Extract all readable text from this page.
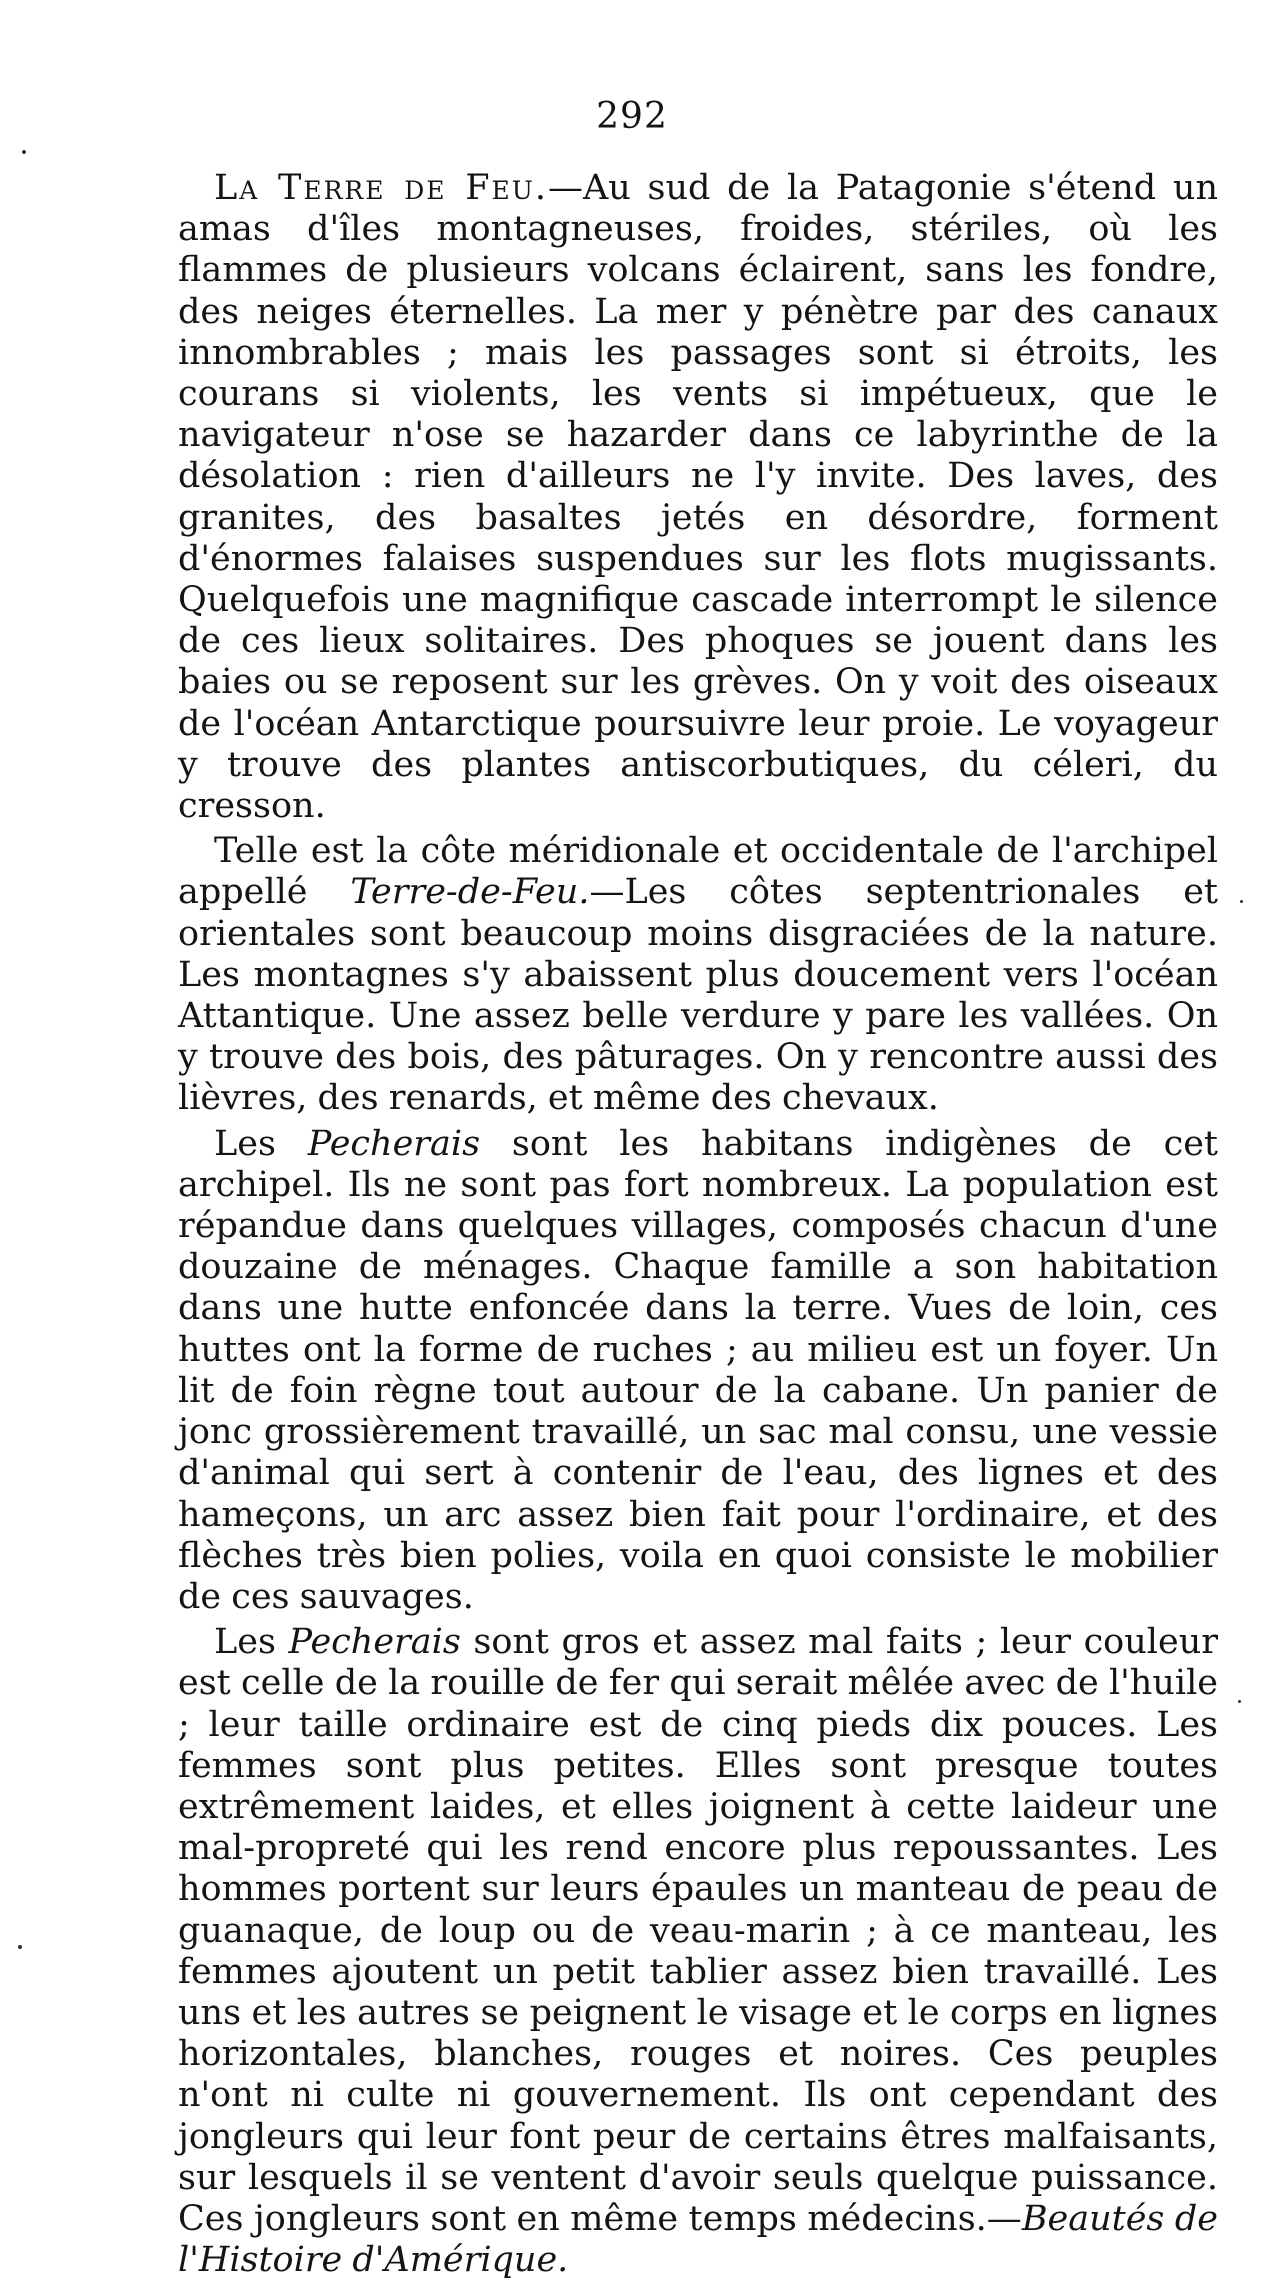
292

La Terre de Feu.—Au sud de la Patagonie s'étend un amas d'îles montagneuses, froides, stériles, où les flammes de plusieurs volcans éclairent, sans les fondre, des neiges éternelles. La mer y pénètre par des canaux innombrables ; mais les passages sont si étroits, les courans si violents, les vents si impétueux, que le navigateur n'ose se hazarder dans ce labyrinthe de la désolation : rien d'ailleurs ne l'y invite. Des laves, des granites, des basaltes jetés en désordre, forment d'énormes falaises suspendues sur les flots mugissants. Quelquefois une magnifique cascade interrompt le silence de ces lieux solitaires. Des phoques se jouent dans les baies ou se reposent sur les grèves. On y voit des oiseaux de l'océan Antarctique poursuivre leur proie. Le voyageur y trouve des plantes antiscorbutiques, du céleri, du cresson.

Telle est la côte méridionale et occidentale de l'archipel appellé Terre-de-Feu.—Les côtes septentrionales et orientales sont beaucoup moins disgraciées de la nature. Les montagnes s'y abaissent plus doucement vers l'océan Attantique. Une assez belle verdure y pare les vallées. On y trouve des bois, des pâturages. On y rencontre aussi des lièvres, des renards, et même des chevaux.

Les Pecherais sont les habitans indigènes de cet archipel. Ils ne sont pas fort nombreux. La population est répandue dans quelques villages, composés chacun d'une douzaine de ménages. Chaque famille a son habitation dans une hutte enfoncée dans la terre. Vues de loin, ces huttes ont la forme de ruches ; au milieu est un foyer. Un lit de foin règne tout autour de la cabane. Un panier de jonc grossièrement travaillé, un sac mal consu, une vessie d'animal qui sert à contenir de l'eau, des lignes et des hameçons, un arc assez bien fait pour l'ordinaire, et des flèches très bien polies, voila en quoi consiste le mobilier de ces sauvages.

Les Pecherais sont gros et assez mal faits ; leur couleur est celle de la rouille de fer qui serait mêlée avec de l'huile ; leur taille ordinaire est de cinq pieds dix pouces. Les femmes sont plus petites. Elles sont presque toutes extrêmement laides, et elles joignent à cette laideur une mal-propreté qui les rend encore plus repoussantes. Les hommes portent sur leurs épaules un manteau de peau de guanaque, de loup ou de veau-marin ; à ce manteau, les femmes ajoutent un petit tablier assez bien travaillé. Les uns et les autres se peignent le visage et le corps en lignes horizontales, blanches, rouges et noires. Ces peuples n'ont ni culte ni gouvernement. Ils ont cependant des jongleurs qui leur font peur de certains êtres malfaisants, sur lesquels il se ventent d'avoir seuls quelque puissance. Ces jongleurs sont en même temps médecins.—Beautés de l'Histoire d'Amérique.
